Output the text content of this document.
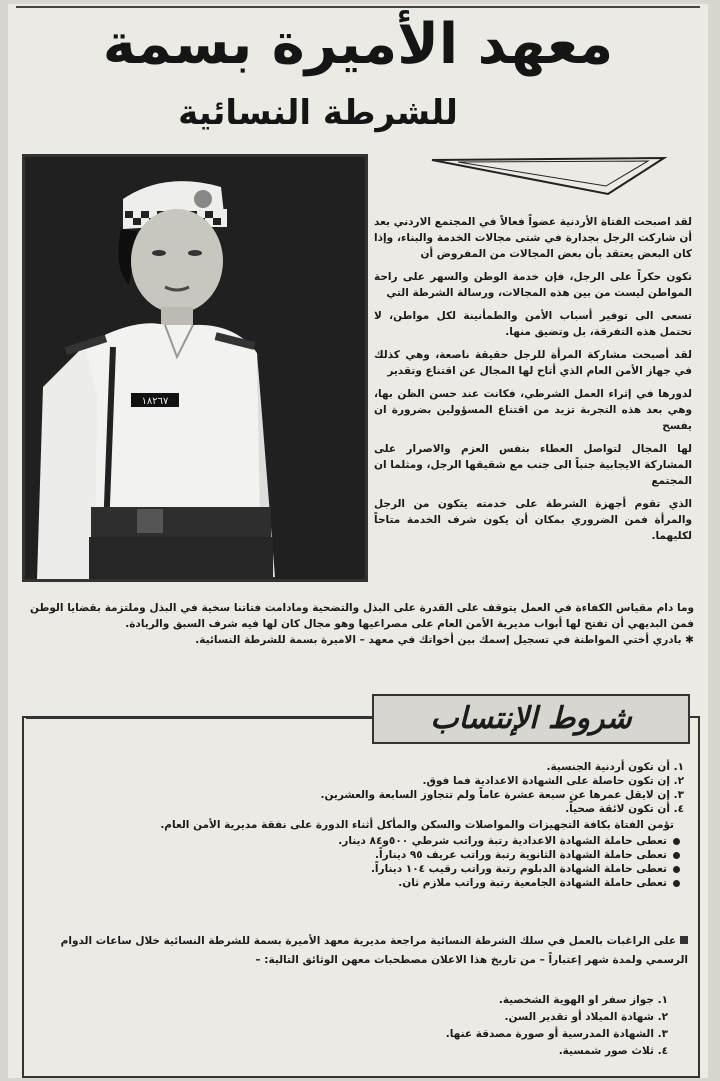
معهد الأميرة بسمة
للشرطة النسائية
١٨٢٦٧

لقد اصبحت الفتاة الأردنية عضواً فعالاً في المجتمع الاردني بعد أن شاركت الرجل بجدارة في شتى مجالات الخدمة والبناء، وإذا كان البعض يعتقد بأن بعض المجالات من المفروض أن

تكون حكراً على الرجل، فإن خدمة الوطن والسهر على راحة المواطن ليست من بين هذه المجالات، ورسالة الشرطة التي

تسعى الى توفير أسباب الأمن والطمأنينة لكل مواطن، لا تحتمل هذه التفرقة، بل وتضيق منها.

لقد أصبحت مشاركة المرأة للرجل حقيقة ناصعة، وهي كذلك في جهاز الأمن العام الذي أتاح لها المجال عن اقتناع وتقدير

لدورها في إثراء العمل الشرطي، فكانت عند حسن الظن بها، وهي بعد هذه التجربة تزيد من اقتناع المسؤولين بضرورة ان يفسح

لها المجال لتواصل العطاء بنفس العزم والاصرار على المشاركة الايجابية جنباً الى جنب مع شقيقها الرجل، ومثلما ان المجتمع

الذي تقوم أجهزة الشرطة على خدمته يتكون من الرجل والمرأة فمن الضروري بمكان أن يكون شرف الخدمة متاحاً لكليهما.

وما دام مقياس الكفاءة في العمل يتوقف على القدرة على البذل والتضحية ومادامت فتاتنا سخية في البذل وملتزمة بقضايا الوطن فمن البديهي أن تفتح لها أبواب مديرية الأمن العام على مصراعيها وهو مجال كان لها فيه شرف السبق والريادة.

✱ بادري أختي المواطنة في تسجيل إسمك بين أخواتك في معهد – الاميرة بسمة للشرطة النسائية.

شروط الإنتساب

١. أن تكون أردنية الجنسية.

٢. إن تكون حاصلة على الشهادة الاعدادية فما فوق.

٣. إن لايقل عمرها عن سبعة عشرة عاماً ولم تتجاوز السابعة والعشرين.

٤. أن تكون لائقة صحياً.

تؤمن الفتاة بكافة التجهيزات والمواصلات والسكن والمأكل أثناء الدورة على نفقة مديرية الأمن العام.

تعطى حاملة الشهادة الاعدادية رتبة وراتب شرطي ٥٠٠و٨٤ دينار.

تعطى حاملة الشهادة الثانوية رتبة وراتب عريف ٩٥ ديناراً.

تعطى حاملة الشهادة الدبلوم رتبة وراتب رقيب ١٠٤ ديناراً.

تعطى حاملة الشهادة الجامعية رتبة وراتب ملازم ثان.

على الراغبات بالعمل في سلك الشرطة النسائية مراجعة مديرية معهد الأميرة بسمة للشرطة النسائية خلال ساعات الدوام الرسمي ولمدة شهر إعتباراً – من تاريخ هذا الاعلان مصطحبات معهن الوثائق التالية: –

١. جواز سفر او الهوية الشخصية.

٢. شهادة الميلاد أو تقدير السن.

٣. الشهادة المدرسية أو صورة مصدقة عنها.

٤. ثلاث صور شمسية.
